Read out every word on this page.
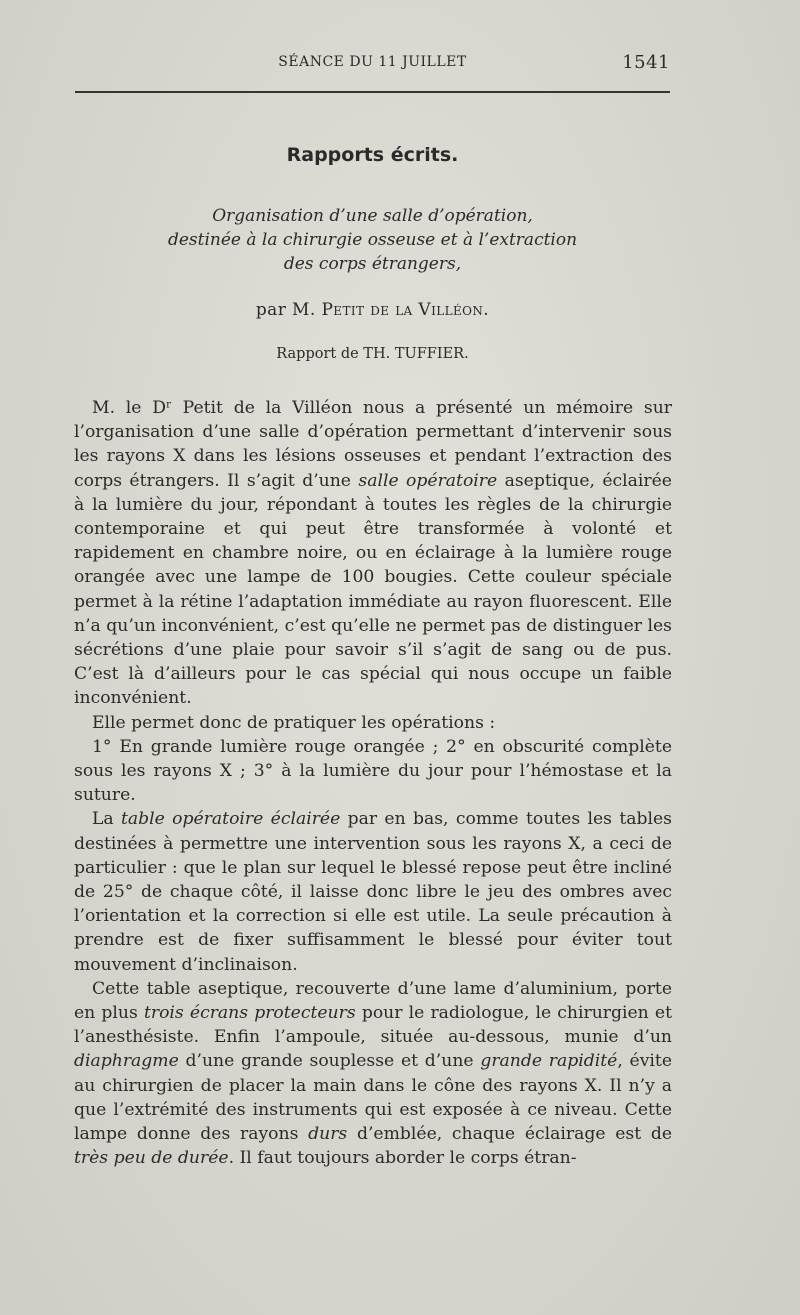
SÉANCE DU 11 JUILLET	1541
Rapports écrits.
Organisation d’une salle d’opération,
destinée à la chirurgie osseuse et à l’extraction
des corps étrangers,
par M. Petit de la Villéon.
Rapport de TH. TUFFIER.

M. le Dʳ Petit de la Villéon nous a présenté un mémoire sur l’organisation d’une salle d’opération permettant d’intervenir sous les rayons X dans les lésions osseuses et pendant l’extraction des corps étrangers. Il s’agit d’une salle opératoire aseptique, éclairée à la lumière du jour, répondant à toutes les règles de la chirurgie contemporaine et qui peut être transformée à volonté et rapidement en chambre noire, ou en éclairage à la lumière rouge orangée avec une lampe de 100 bougies. Cette couleur spéciale permet à la rétine l’adaptation immédiate au rayon fluorescent. Elle n’a qu’un inconvénient, c’est qu’elle ne permet pas de distinguer les sécrétions d’une plaie pour savoir s’il s’agit de sang ou de pus. C’est là d’ailleurs pour le cas spécial qui nous occupe un faible inconvénient.

Elle permet donc de pratiquer les opérations :

1° En grande lumière rouge orangée ; 2° en obscurité complète sous les rayons X ; 3° à la lumière du jour pour l’hémostase et la suture.

La table opératoire éclairée par en bas, comme toutes les tables destinées à permettre une intervention sous les rayons X, a ceci de particulier : que le plan sur lequel le blessé repose peut être incliné de 25° de chaque côté, il laisse donc libre le jeu des ombres avec l’orientation et la correction si elle est utile. La seule précaution à prendre est de fixer suffisamment le blessé pour éviter tout mouvement d’inclinaison.

Cette table aseptique, recouverte d’une lame d’aluminium, porte en plus trois écrans protecteurs pour le radiologue, le chirurgien et l’anesthésiste. Enfin l’ampoule, située au-dessous, munie d’un diaphragme d’une grande souplesse et d’une grande rapidité, évite au chirurgien de placer la main dans le cône des rayons X. Il n’y a que l’extrémité des instruments qui est exposée à ce niveau. Cette lampe donne des rayons durs d’emblée, chaque éclairage est de très peu de durée. Il faut toujours aborder le corps étran-
